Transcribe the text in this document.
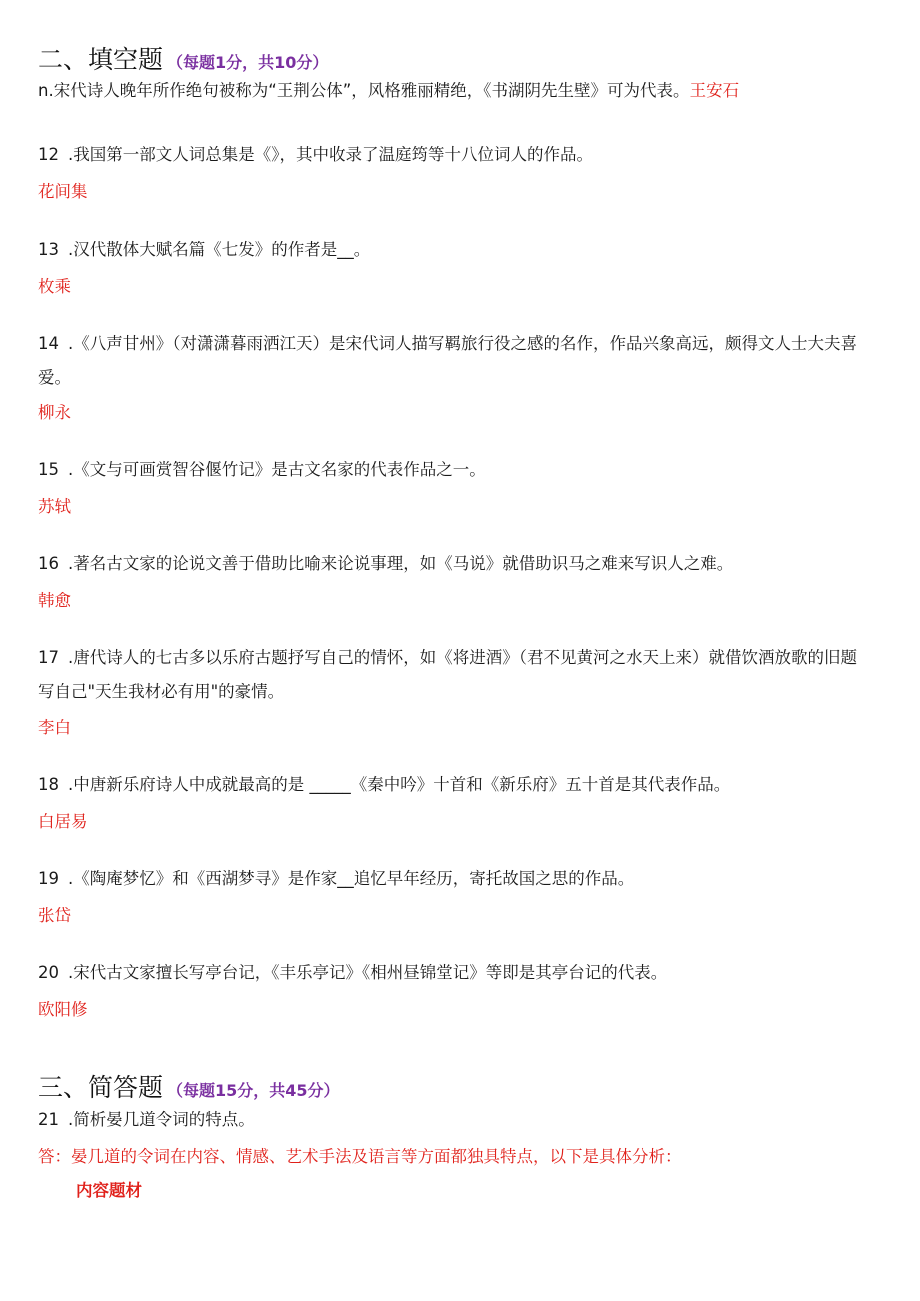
二、填空题 （每题1分，共10分）
n.宋代诗人晚年所作绝句被称为“王荆公体”，风格雅丽精绝，《书湖阴先生壁》可为代表。王安石
12 .我国第一部文人词总集是《》，其中收录了温庭筠等十八位词人的作品。
花间集
13 .汉代散体大赋名篇《七发》的作者是__。
枚乘
14 .《八声甘州》（对潇潇暮雨洒江天）是宋代词人描写羁旅行役之感的名作，作品兴象高远，颇得文人士大夫喜爱。
柳永
15 .《文与可画赏智谷偃竹记》是古文名家的代表作品之一。
苏轼
16 .著名古文家的论说文善于借助比喻来论说事理，如《马说》就借助识马之难来写识人之难。
韩愈
17 .唐代诗人的七古多以乐府古题抒写自己的情怀，如《将进酒》（君不见黄河之水天上来）就借饮酒放歌的旧题写自己"天生我材必有用"的豪情。
李白
18 .中唐新乐府诗人中成就最高的是 _____《秦中吟》十首和《新乐府》五十首是其代表作品。
白居易
19 .《陶庵梦忆》和《西湖梦寻》是作家__追忆早年经历，寄托故国之思的作品。
张岱
20 .宋代古文家擅长写亭台记，《丰乐亭记》《相州昼锦堂记》等即是其亭台记的代表。
欧阳修
三、简答题 （每题15分，共45分）
21 .简析晏几道令词的特点。
答：晏几道的令词在内容、情感、艺术手法及语言等方面都独具特点，以下是具体分析：
内容题材
